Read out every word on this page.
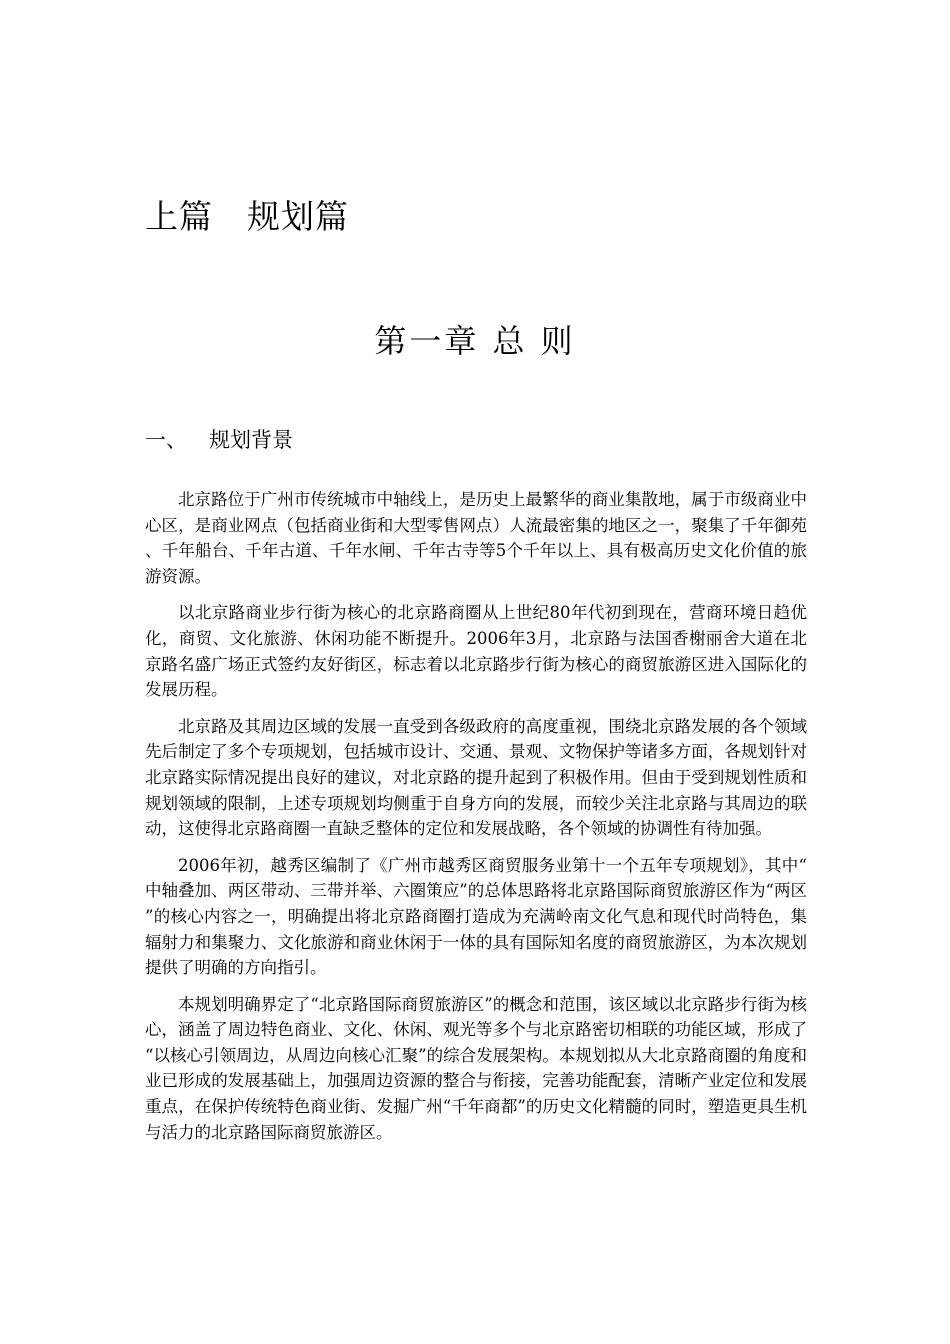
上篇　规划篇
第一章 总 则
一、 规划背景

北京路位于广州市传统城市中轴线上，是历史上最繁华的商业集散地，属于市级商业中心区，是商业网点（包括商业街和大型零售网点）人流最密集的地区之一，聚集了千年御苑、千年船台、千年古道、千年水闸、千年古寺等5个千年以上、具有极高历史文化价值的旅游资源。

以北京路商业步行街为核心的北京路商圈从上世纪80年代初到现在，营商环境日趋优化，商贸、文化旅游、休闲功能不断提升。2006年3月，北京路与法国香榭丽舍大道在北京路名盛广场正式签约友好街区，标志着以北京路步行街为核心的商贸旅游区进入国际化的发展历程。

北京路及其周边区域的发展一直受到各级政府的高度重视，围绕北京路发展的各个领域先后制定了多个专项规划，包括城市设计、交通、景观、文物保护等诸多方面，各规划针对北京路实际情况提出良好的建议，对北京路的提升起到了积极作用。但由于受到规划性质和规划领域的限制，上述专项规划均侧重于自身方向的发展，而较少关注北京路与其周边的联动，这使得北京路商圈一直缺乏整体的定位和发展战略，各个领域的协调性有待加强。

2006年初，越秀区编制了《广州市越秀区商贸服务业第十一个五年专项规划》，其中“中轴叠加、两区带动、三带并举、六圈策应”的总体思路将北京路国际商贸旅游区作为“两区”的核心内容之一，明确提出将北京路商圈打造成为充满岭南文化气息和现代时尚特色，集辐射力和集聚力、文化旅游和商业休闲于一体的具有国际知名度的商贸旅游区，为本次规划提供了明确的方向指引。

本规划明确界定了“北京路国际商贸旅游区”的概念和范围，该区域以北京路步行街为核心，涵盖了周边特色商业、文化、休闲、观光等多个与北京路密切相联的功能区域，形成了“以核心引领周边，从周边向核心汇聚”的综合发展架构。本规划拟从大北京路商圈的角度和业已形成的发展基础上，加强周边资源的整合与衔接，完善功能配套，清晰产业定位和发展重点，在保护传统特色商业街、发掘广州“千年商都”的历史文化精髓的同时，塑造更具生机与活力的北京路国际商贸旅游区。
